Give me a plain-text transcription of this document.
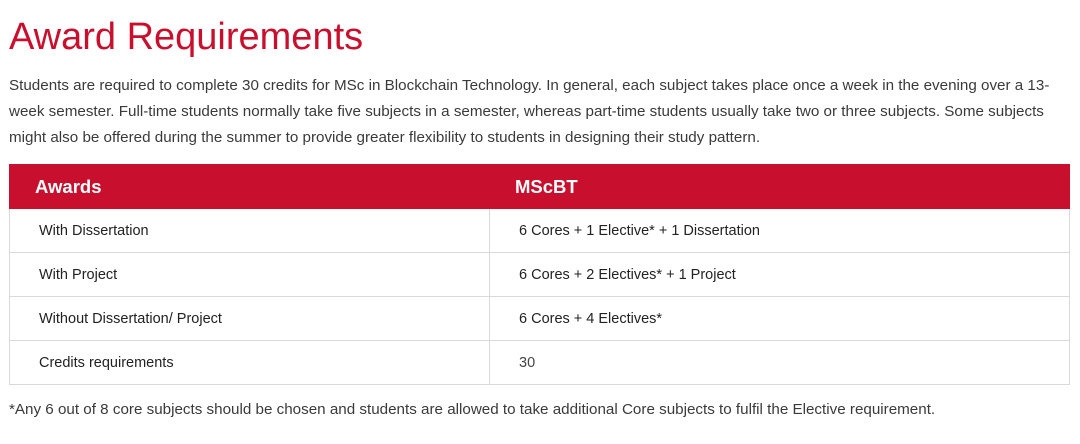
Award Requirements

Students are required to complete 30 credits for MSc in Blockchain Technology. In general, each subject takes place once a week in the evening over a 13-week semester. Full-time students normally take five subjects in a semester, whereas part-time students usually take two or three subjects. Some subjects might also be offered during the summer to provide greater flexibility to students in designing their study pattern.

Awards	MScBT
With Dissertation	6 Cores + 1 Elective* + 1 Dissertation
With Project	6 Cores + 2 Electives* + 1 Project
Without Dissertation/ Project	6 Cores + 4 Electives*
Credits requirements	30

*Any 6 out of 8 core subjects should be chosen and students are allowed to take additional Core subjects to fulfil the Elective requirement.
